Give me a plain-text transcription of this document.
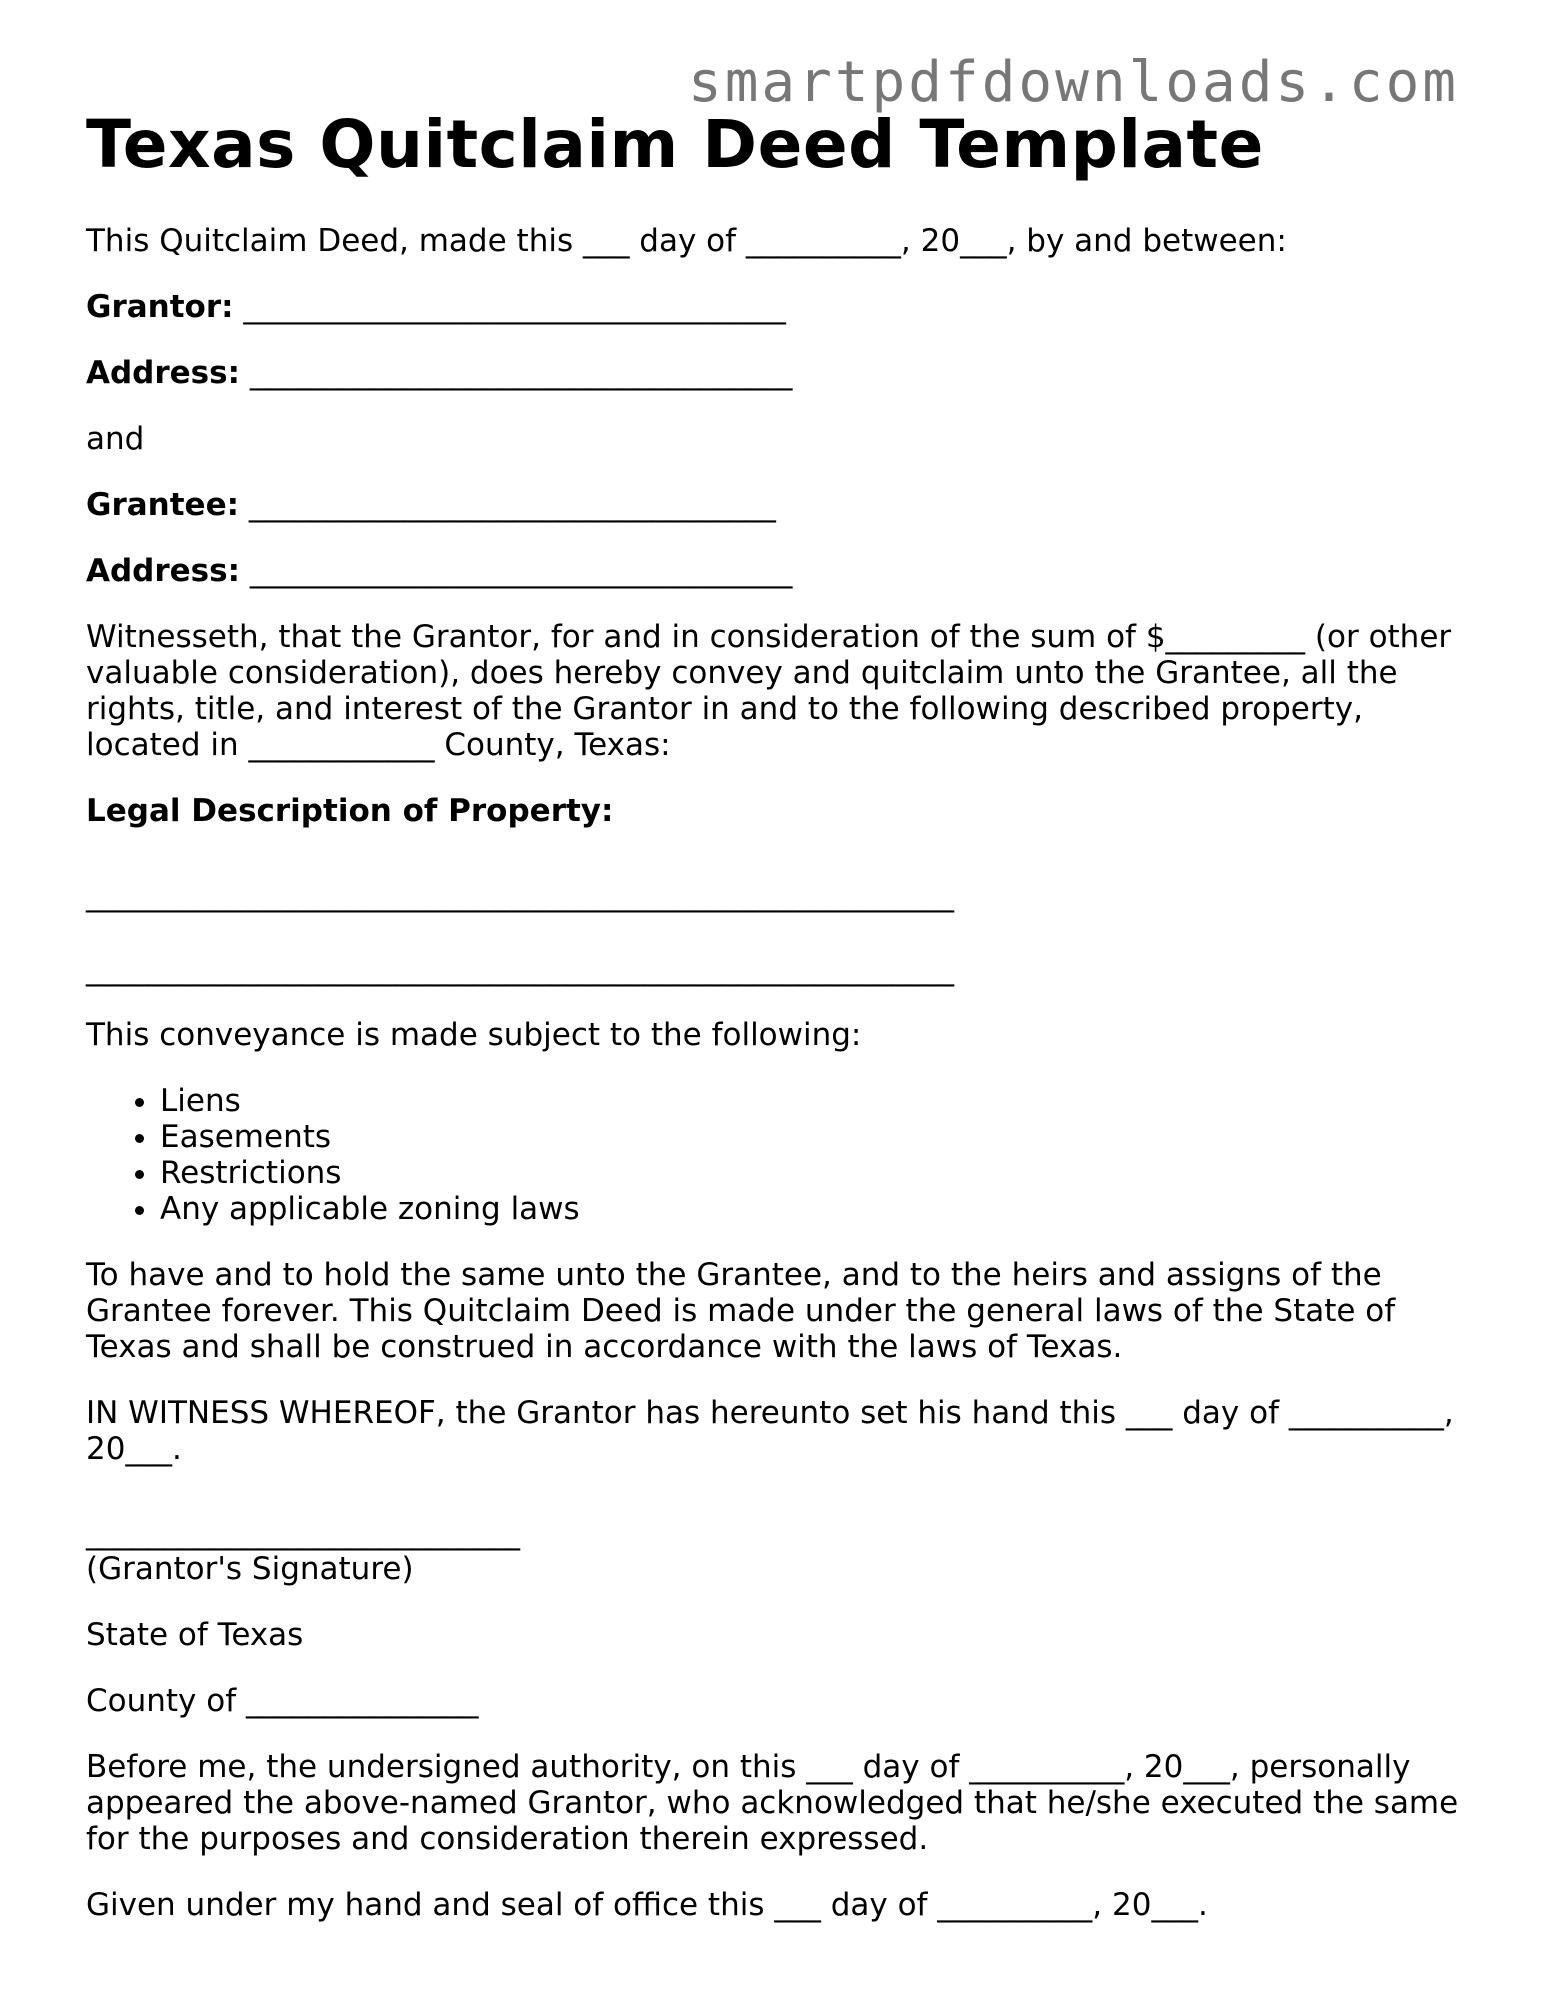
smartpdfdownloads.com
Texas Quitclaim Deed Template

This Quitclaim Deed, made this ___ day of __________, 20___, by and between:

Grantor: ___________________________________

Address: ___________________________________

and

Grantee: __________________________________

Address: ___________________________________

Witnesseth, that the Grantor, for and in consideration of the sum of $_________ (or other valuable consideration), does hereby convey and quitclaim unto the Grantee, all the rights, title, and interest of the Grantor in and to the following described property, located in ____________ County, Texas:

Legal Description of Property:

________________________________________________________

________________________________________________________

This conveyance is made subject to the following:

• Liens
• Easements
• Restrictions
• Any applicable zoning laws

To have and to hold the same unto the Grantee, and to the heirs and assigns of the Grantee forever. This Quitclaim Deed is made under the general laws of the State of Texas and shall be construed in accordance with the laws of Texas.

IN WITNESS WHEREOF, the Grantor has hereunto set his hand this ___ day of __________, 20___.

____________________________

(Grantor's Signature)

State of Texas

County of _______________

Before me, the undersigned authority, on this ___ day of __________, 20___, personally appeared the above-named Grantor, who acknowledged that he/she executed the same for the purposes and consideration therein expressed.

Given under my hand and seal of office this ___ day of __________, 20___.
